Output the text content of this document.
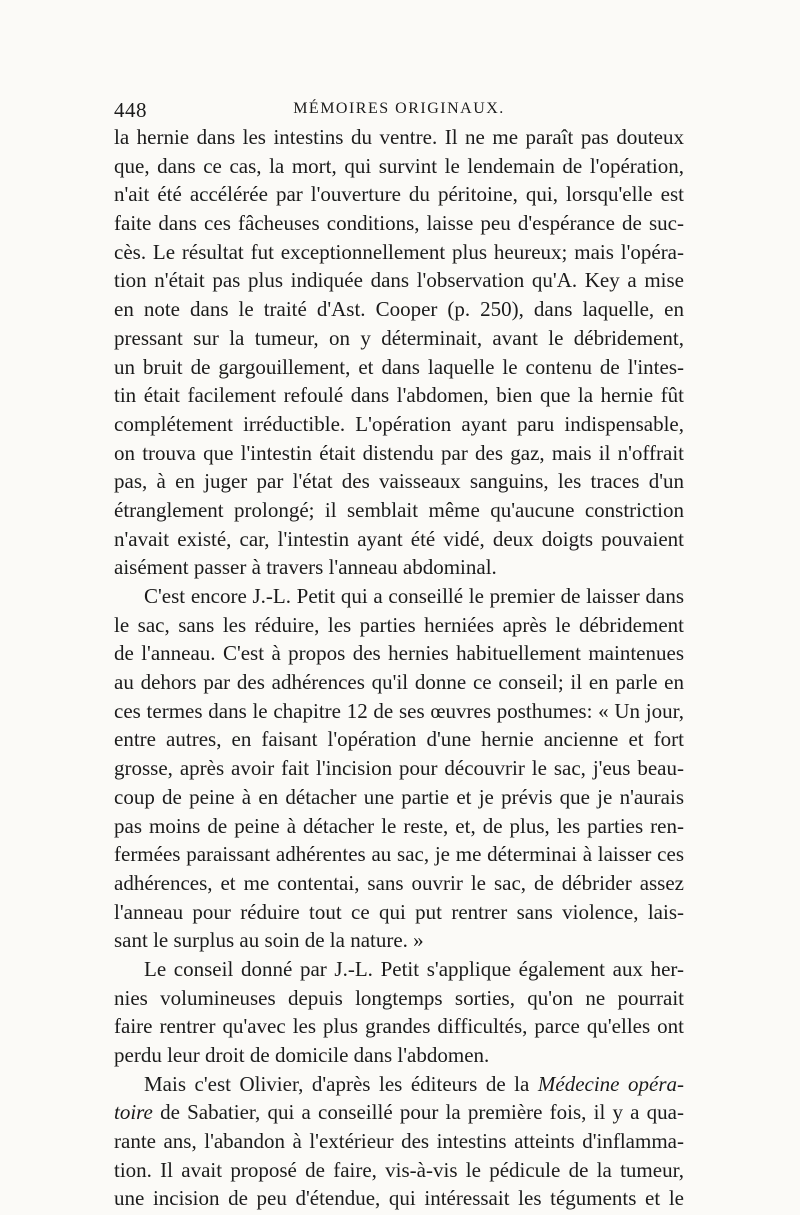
448	MÉMOIRES ORIGINAUX.
la hernie dans les intestins du ventre. Il ne me paraît pas douteux
que, dans ce cas, la mort, qui survint le lendemain de l'opération,
n'ait été accélérée par l'ouverture du péritoine, qui, lorsqu'elle est
faite dans ces fâcheuses conditions, laisse peu d'espérance de suc-
cès. Le résultat fut exceptionnellement plus heureux; mais l'opéra-
tion n'était pas plus indiquée dans l'observation qu'A. Key a mise
en note dans le traité d'Ast. Cooper (p. 250), dans laquelle, en
pressant sur la tumeur, on y déterminait, avant le débridement,
un bruit de gargouillement, et dans laquelle le contenu de l'intes-
tin était facilement refoulé dans l'abdomen, bien que la hernie fût
complétement irréductible. L'opération ayant paru indispensable,
on trouva que l'intestin était distendu par des gaz, mais il n'offrait
pas, à en juger par l'état des vaisseaux sanguins, les traces d'un
étranglement prolongé; il semblait même qu'aucune constriction
n'avait existé, car, l'intestin ayant été vidé, deux doigts pouvaient
aisément passer à travers l'anneau abdominal.
C'est encore J.-L. Petit qui a conseillé le premier de laisser dans
le sac, sans les réduire, les parties herniées après le débridement
de l'anneau. C'est à propos des hernies habituellement maintenues
au dehors par des adhérences qu'il donne ce conseil; il en parle en
ces termes dans le chapitre 12 de ses œuvres posthumes: « Un jour,
entre autres, en faisant l'opération d'une hernie ancienne et fort
grosse, après avoir fait l'incision pour découvrir le sac, j'eus beau-
coup de peine à en détacher une partie et je prévis que je n'aurais
pas moins de peine à détacher le reste, et, de plus, les parties ren-
fermées paraissant adhérentes au sac, je me déterminai à laisser ces
adhérences, et me contentai, sans ouvrir le sac, de débrider assez
l'anneau pour réduire tout ce qui put rentrer sans violence, lais-
sant le surplus au soin de la nature. »
Le conseil donné par J.-L. Petit s'applique également aux her-
nies volumineuses depuis longtemps sorties, qu'on ne pourrait
faire rentrer qu'avec les plus grandes difficultés, parce qu'elles ont
perdu leur droit de domicile dans l'abdomen.
Mais c'est Olivier, d'après les éditeurs de la Médecine opéra-
toire de Sabatier, qui a conseillé pour la première fois, il y a qua-
rante ans, l'abandon à l'extérieur des intestins atteints d'inflamma-
tion. Il avait proposé de faire, vis-à-vis le pédicule de la tumeur,
une incision de peu d'étendue, qui intéressait les téguments et le
